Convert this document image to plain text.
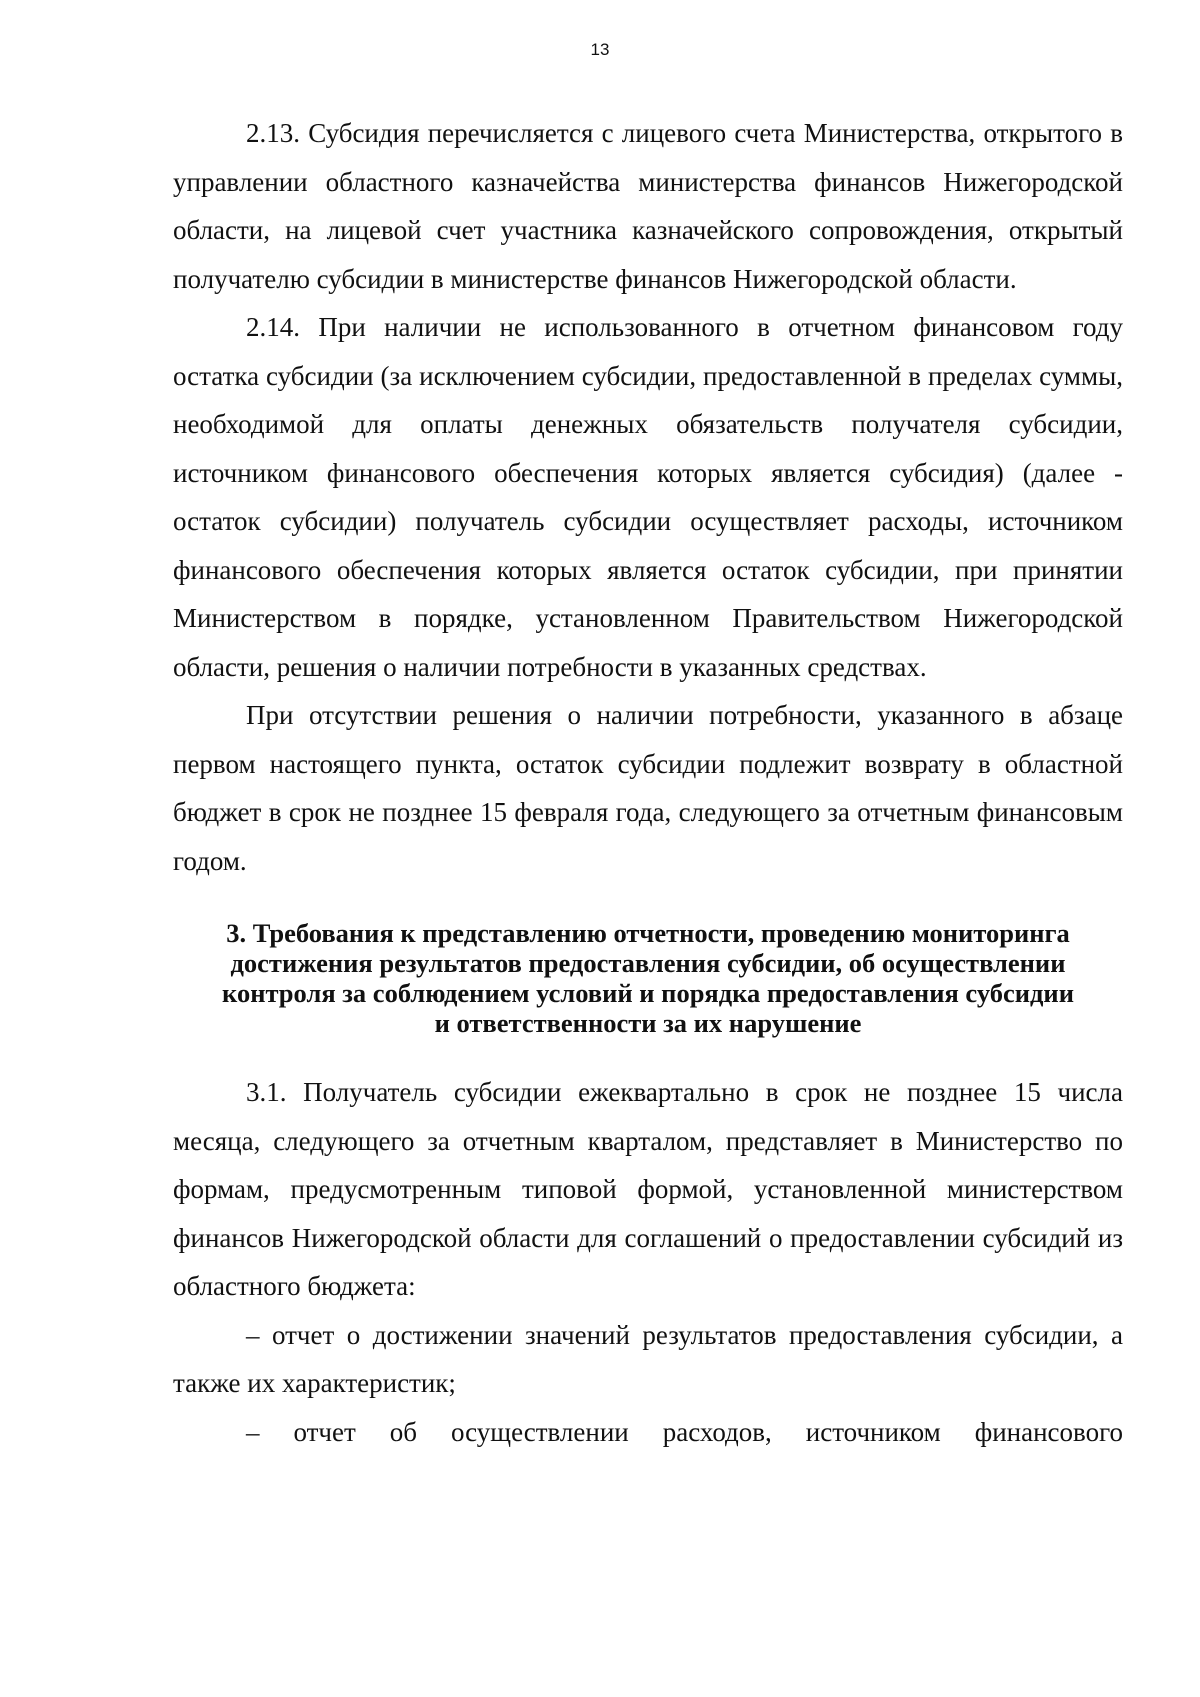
13

2.13. Субсидия перечисляется с лицевого счета Министерства, открытого в управлении областного казначейства министерства финансов Нижегородской области, на лицевой счет участника казначейского сопровождения, открытый получателю субсидии в министерстве финансов Нижегородской области.

2.14. При наличии не использованного в отчетном финансовом году остатка субсидии (за исключением субсидии, предоставленной в пределах суммы, необходимой для оплаты денежных обязательств получателя субсидии, источником финансового обеспечения которых является субсидия) (далее - остаток субсидии) получатель субсидии осуществляет расходы, источником финансового обеспечения которых является остаток субсидии, при принятии Министерством в порядке, установленном Правительством Нижегородской области, решения о наличии потребности в указанных средствах.

При отсутствии решения о наличии потребности, указанного в абзаце первом настоящего пункта, остаток субсидии подлежит возврату в областной бюджет в срок не позднее 15 февраля года, следующего за отчетным финансовым годом.

3. Требования к представлению отчетности, проведению мониторинга
достижения результатов предоставления субсидии, об осуществлении
контроля за соблюдением условий и порядка предоставления субсидии
и ответственности за их нарушение

3.1. Получатель субсидии ежеквартально в срок не позднее 15 числа месяца, следующего за отчетным кварталом, представляет в Министерство по формам, предусмотренным типовой формой, установленной министерством финансов Нижегородской области для соглашений о предоставлении субсидий из областного бюджета:

– отчет о достижении значений результатов предоставления субсидии, а также их характеристик;

– отчет об осуществлении расходов, источником финансового
